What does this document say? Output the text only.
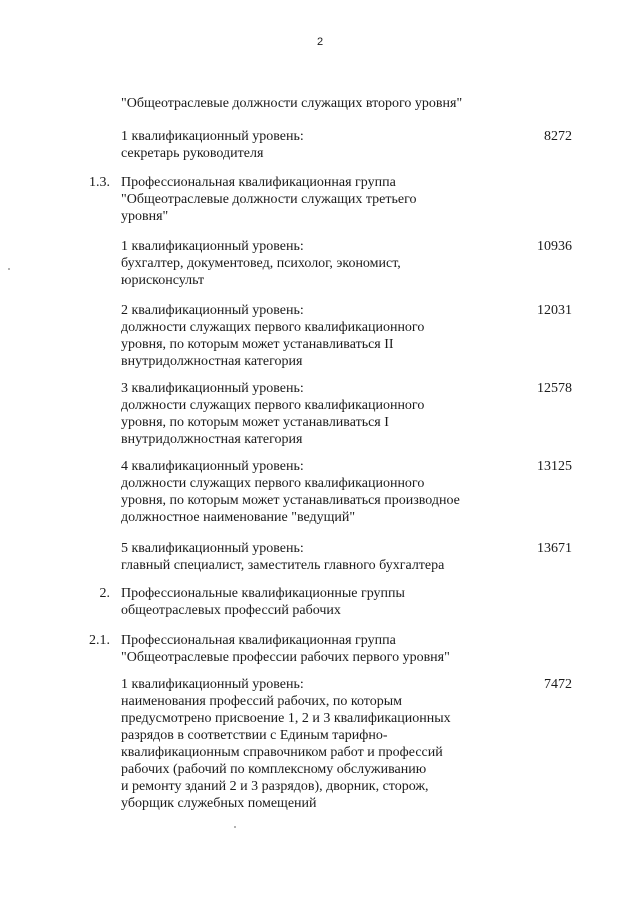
2
"Общеотраслевые должности служащих второго уровня"
1 квалификационный уровень:
секретарь руководителя
8272
1.3. Профессиональная квалификационная группа
"Общеотраслевые должности служащих третьего
уровня"
1 квалификационный уровень:
бухгалтер, документовед, психолог, экономист,
юрисконсульт
10936
2 квалификационный уровень:
должности служащих первого квалификационного
уровня, по которым может устанавливаться II
внутридолжностная категория
12031
3 квалификационный уровень:
должности служащих первого квалификационного
уровня, по которым может устанавливаться I
внутридолжностная категория
12578
4 квалификационный уровень:
должности служащих первого квалификационного
уровня, по которым может устанавливаться производное
должностное наименование "ведущий"
13125
5 квалификационный уровень:
главный специалист, заместитель главного бухгалтера
13671
2. Профессиональные квалификационные группы
общеотраслевых профессий рабочих
2.1. Профессиональная квалификационная группа
"Общеотраслевые профессии рабочих первого уровня"
1 квалификационный уровень:
наименования профессий рабочих, по которым
предусмотрено присвоение 1, 2 и 3 квалификационных
разрядов в соответствии с Единым тарифно-
квалификационным справочником работ и профессий
рабочих (рабочий по комплексному обслуживанию
и ремонту зданий 2 и 3 разрядов), дворник, сторож,
уборщик служебных помещений
7472
